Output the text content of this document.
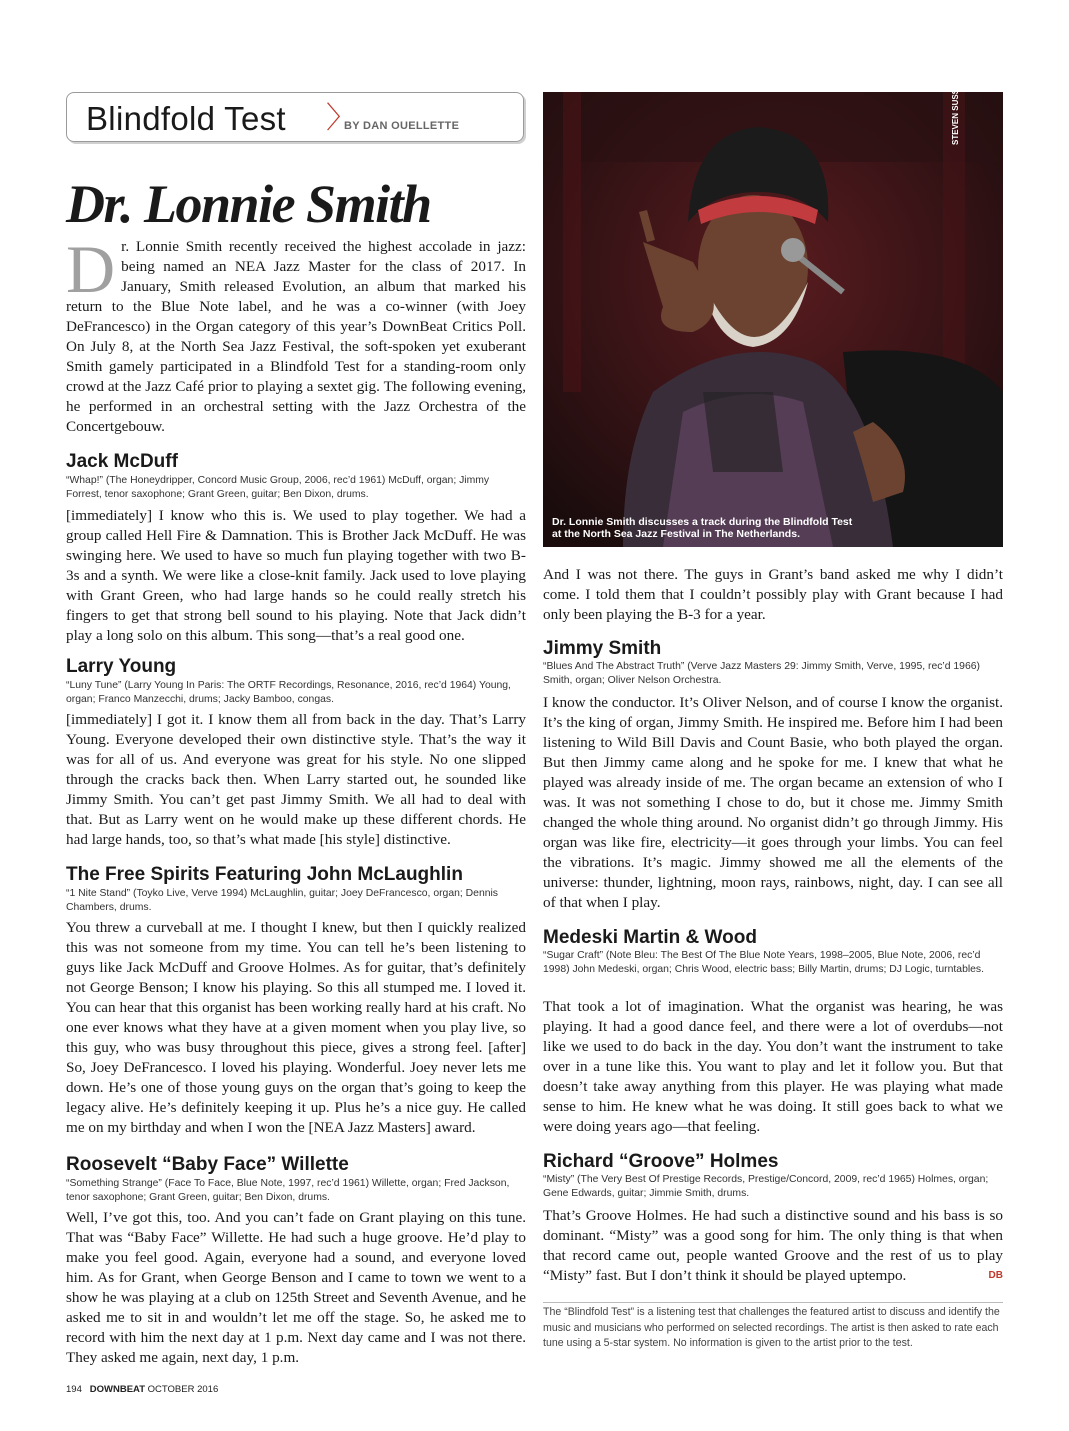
Blindfold Test 〉
BY DAN OUELLETTE
Dr. Lonnie Smith
D r. Lonnie Smith recently received the highest accolade in jazz: being named an NEA Jazz Master for the class of 2017. In January, Smith released Evolution, an album that marked his return to the Blue Note label, and he was a co-winner (with Joey DeFrancesco) in the Organ category of this year’s DownBeat Critics Poll. On July 8, at the North Sea Jazz Festival, the soft-spoken yet exuberant Smith gamely participated in a Blindfold Test for a standing-room only crowd at the Jazz Café prior to playing a sextet gig. The following evening, he performed in an orchestral setting with the Jazz Orchestra of the Concertgebouw.
Jack McDuff
“Whap!” (The Honeydripper, Concord Music Group, 2006, rec’d 1961) McDuff, organ; Jimmy Forrest, tenor saxophone; Grant Green, guitar; Ben Dixon, drums.
[immediately] I know who this is. We used to play together. We had a group called Hell Fire & Damnation. This is Brother Jack McDuff. He was swinging here. We used to have so much fun playing together with two B-3s and a synth. We were like a close-knit family. Jack used to love playing with Grant Green, who had large hands so he could really stretch his fingers to get that strong bell sound to his playing. Note that Jack didn’t play a long solo on this album. This song—that’s a real good one.
Larry Young
“Luny Tune” (Larry Young In Paris: The ORTF Recordings, Resonance, 2016, rec’d 1964) Young, organ; Franco Manzecchi, drums; Jacky Bamboo, congas.
[immediately] I got it. I know them all from back in the day. That’s Larry Young. Everyone developed their own distinctive style. That’s the way it was for all of us. And everyone was great for his style. No one slipped through the cracks back then. When Larry started out, he sounded like Jimmy Smith. You can’t get past Jimmy Smith. We all had to deal with that. But as Larry went on he would make up these different chords. He had large hands, too, so that’s what made [his style] distinctive.
The Free Spirits Featuring John McLaughlin
“1 Nite Stand” (Toyko Live, Verve 1994) McLaughlin, guitar; Joey DeFrancesco, organ; Dennis Chambers, drums.
You threw a curveball at me. I thought I knew, but then I quickly realized this was not someone from my time. You can tell he’s been listening to guys like Jack McDuff and Groove Holmes. As for guitar, that’s definitely not George Benson; I know his playing. So this all stumped me. I loved it. You can hear that this organist has been working really hard at his craft. No one ever knows what they have at a given moment when you play live, so this guy, who was busy throughout this piece, gives a strong feel. [after] So, Joey DeFrancesco. I loved his playing. Wonderful. Joey never lets me down. He’s one of those young guys on the organ that’s going to keep the legacy alive. He’s definitely keeping it up. Plus he’s a nice guy. He called me on my birthday and when I won the [NEA Jazz Masters] award.
Roosevelt “Baby Face” Willette
“Something Strange” (Face To Face, Blue Note, 1997, rec’d 1961) Willette, organ; Fred Jackson, tenor saxophone; Grant Green, guitar; Ben Dixon, drums.
Well, I’ve got this, too. And you can’t fade on Grant playing on this tune. That was “Baby Face” Willette. He had such a huge groove. He’d play to make you feel good. Again, everyone had a sound, and everyone loved him. As for Grant, when George Benson and I came to town we went to a show he was playing at a club on 125th Street and Seventh Avenue, and he asked me to sit in and wouldn’t let me off the stage. So, he asked me to record with him the next day at 1 p.m. Next day came and I was not there. They asked me again, next day, 1 p.m.
STEVEN SUSSMAN
Dr. Lonnie Smith discusses a track during the Blindfold Test at the North Sea Jazz Festival in The Netherlands.
And I was not there. The guys in Grant’s band asked me why I didn’t come. I told them that I couldn’t possibly play with Grant because I had only been playing the B-3 for a year.
Jimmy Smith
“Blues And The Abstract Truth” (Verve Jazz Masters 29: Jimmy Smith, Verve, 1995, rec’d 1966) Smith, organ; Oliver Nelson Orchestra.
I know the conductor. It’s Oliver Nelson, and of course I know the organist. It’s the king of organ, Jimmy Smith. He inspired me. Before him I had been listening to Wild Bill Davis and Count Basie, who both played the organ. But then Jimmy came along and he spoke for me. I knew that what he played was already inside of me. The organ became an extension of who I was. It was not something I chose to do, but it chose me. Jimmy Smith changed the whole thing around. No organist didn’t go through Jimmy. His organ was like fire, electricity—it goes through your limbs. You can feel the vibrations. It’s magic. Jimmy showed me all the elements of the universe: thunder, lightning, moon rays, rainbows, night, day. I can see all of that when I play.
Medeski Martin & Wood
“Sugar Craft” (Note Bleu: The Best Of The Blue Note Years, 1998–2005, Blue Note, 2006, rec’d 1998) John Medeski, organ; Chris Wood, electric bass; Billy Martin, drums; DJ Logic, turntables.
That took a lot of imagination. What the organist was hearing, he was playing. It had a good dance feel, and there were a lot of overdubs—not like we used to do back in the day. You don’t want the instrument to take over in a tune like this. You want to play and let it follow you. But that doesn’t take away anything from this player. He was playing what made sense to him. He knew what he was doing. It still goes back to what we were doing years ago—that feeling.
Richard “Groove” Holmes
“Misty” (The Very Best Of Prestige Records, Prestige/Concord, 2009, rec’d 1965) Holmes, organ; Gene Edwards, guitar; Jimmie Smith, drums.
That’s Groove Holmes. He had such a distinctive sound and his bass is so dominant. “Misty” was a good song for him. The only thing is that when that record came out, people wanted Groove and the rest of us to play “Misty” fast. But I don’t think it should be played uptempo.	DB
The “Blindfold Test” is a listening test that challenges the featured artist to discuss and identify the music and musicians who performed on selected recordings. The artist is then asked to rate each tune using a 5-star system. No information is given to the artist prior to the test.
194 DOWNBEAT OCTOBER 2016
